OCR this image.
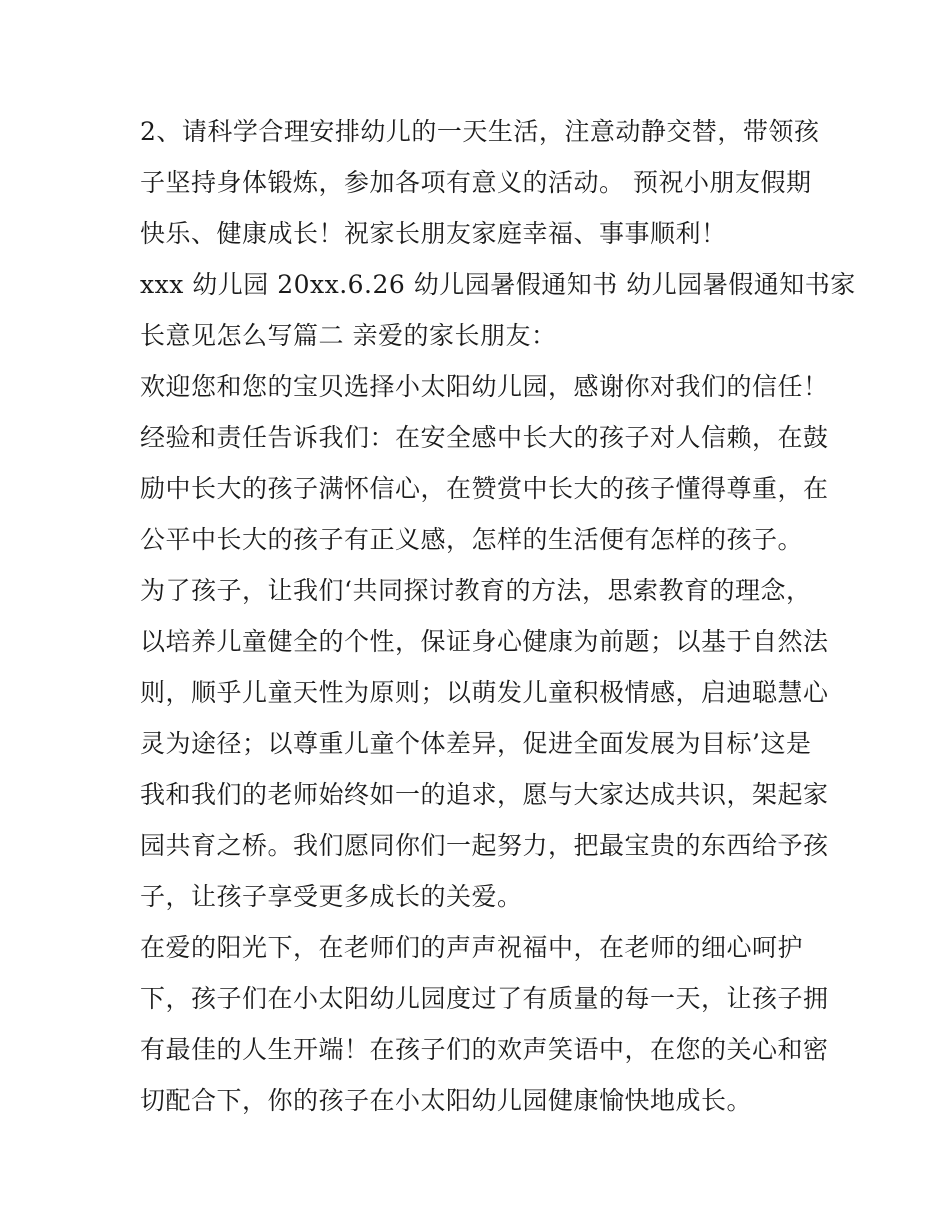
2、请科学合理安排幼儿的一天生活，注意动静交替，带领孩
子坚持身体锻炼，参加各项有意义的活动。 预祝小朋友假期
快乐、健康成长！祝家长朋友家庭幸福、事事顺利！
xxx 幼儿园 20xx.6.26 幼儿园暑假通知书 幼儿园暑假通知书家
长意见怎么写篇二 亲爱的家长朋友：
欢迎您和您的宝贝选择小太阳幼儿园，感谢你对我们的信任！
经验和责任告诉我们：在安全感中长大的孩子对人信赖，在鼓
励中长大的孩子满怀信心，在赞赏中长大的孩子懂得尊重，在
公平中长大的孩子有正义感，怎样的生活便有怎样的孩子。
为了孩子，让我们‘共同探讨教育的方法，思索教育的理念，
以培养儿童健全的个性，保证身心健康为前题；以基于自然法
则，顺乎儿童天性为原则；以萌发儿童积极情感，启迪聪慧心
灵为途径；以尊重儿童个体差异，促进全面发展为目标’这是
我和我们的老师始终如一的追求，愿与大家达成共识，架起家
园共育之桥。我们愿同你们一起努力，把最宝贵的东西给予孩
子，让孩子享受更多成长的关爱。
在爱的阳光下，在老师们的声声祝福中，在老师的细心呵护
下，孩子们在小太阳幼儿园度过了有质量的每一天，让孩子拥
有最佳的人生开端！在孩子们的欢声笑语中，在您的关心和密
切配合下，你的孩子在小太阳幼儿园健康愉快地成长。
